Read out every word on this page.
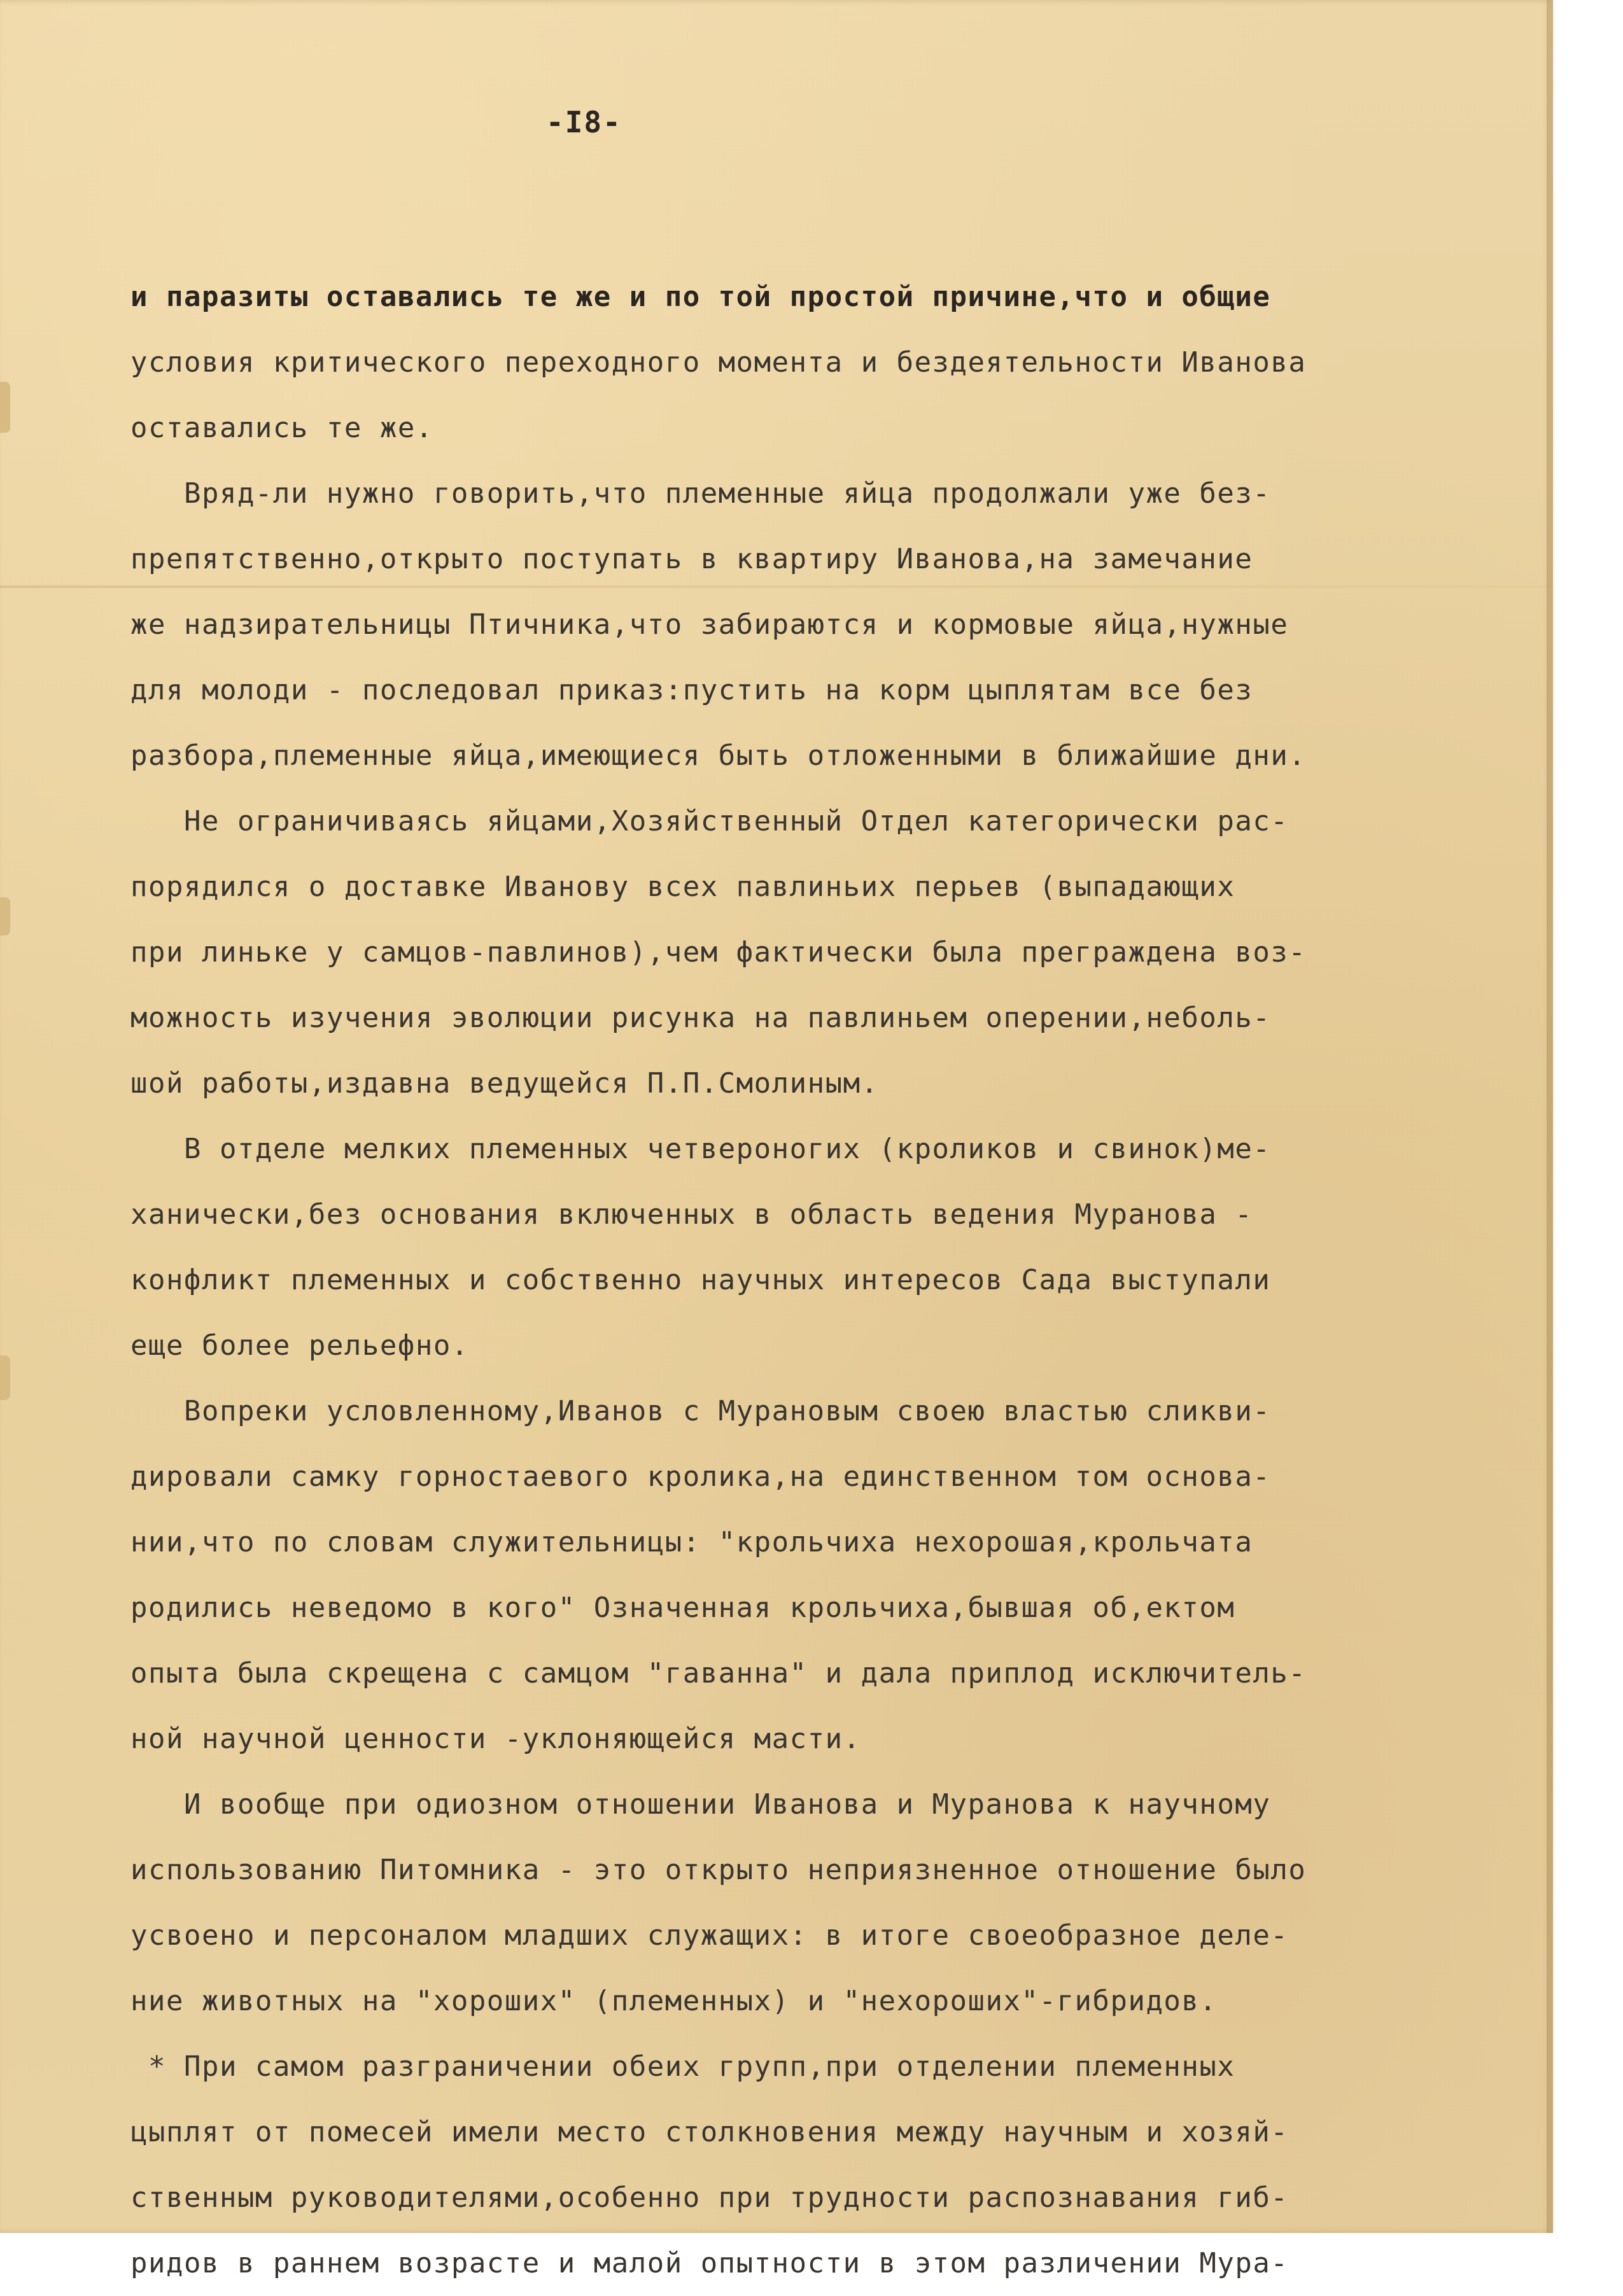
-I8-
и паразиты оставались те же и по той простой причине,что и общие
условия критического переходного момента и бездеятельности Иванова
оставались те же.
Вряд-ли нужно говорить,что племенные яйца продолжали уже без-
препятственно,открыто поступать в квартиру Иванова,на замечание
же надзирательницы Птичника,что забираются и кормовые яйца,нужные
для молоди - последовал приказ:пустить на корм цыплятам все без
разбора,племенные яйца,имеющиеся быть отложенными в ближайшие дни.
Не ограничиваясь яйцами,Хозяйственный Отдел категорически рас-
порядился о доставке Иванову всех павлиньих перьев (выпадающих
при линьке у самцов-павлинов),чем фактически была преграждена воз-
можность изучения эволюции рисунка на павлиньем оперении,неболь-
шой работы,издавна ведущейся П.П.Смолиным.
В отделе мелких племенных четвероногих (кроликов и свинок)ме-
ханически,без основания включенных в область ведения Муранова -
конфликт племенных и собственно научных интересов Сада выступали
еще более рельефно.
Вопреки условленному,Иванов с Мурановым своею властью сликви-
дировали самку горностаевого кролика,на единственном том основа-
нии,что по словам служительницы: "крольчиха нехорошая,крольчата
родились неведомо в кого" Означенная крольчиха,бывшая об,ектом
опыта была скрещена с самцом "гаванна" и дала приплод исключитель-
ной научной ценности -уклоняющейся масти.
И вообще при одиозном отношении Иванова и Муранова к научному
использованию Питомника - это открыто неприязненное отношение было
усвоено и персоналом младших служащих: в итоге своеобразное деле-
ние животных на "хороших" (племенных) и "нехороших"-гибридов.
* При самом разграничении обеих групп,при отделении племенных
цыплят от помесей имели место столкновения между научным и хозяй-
ственным руководителями,особенно при трудности распознавания гиб-
ридов в раннем возрасте и малой опытности в этом различении Мура-
